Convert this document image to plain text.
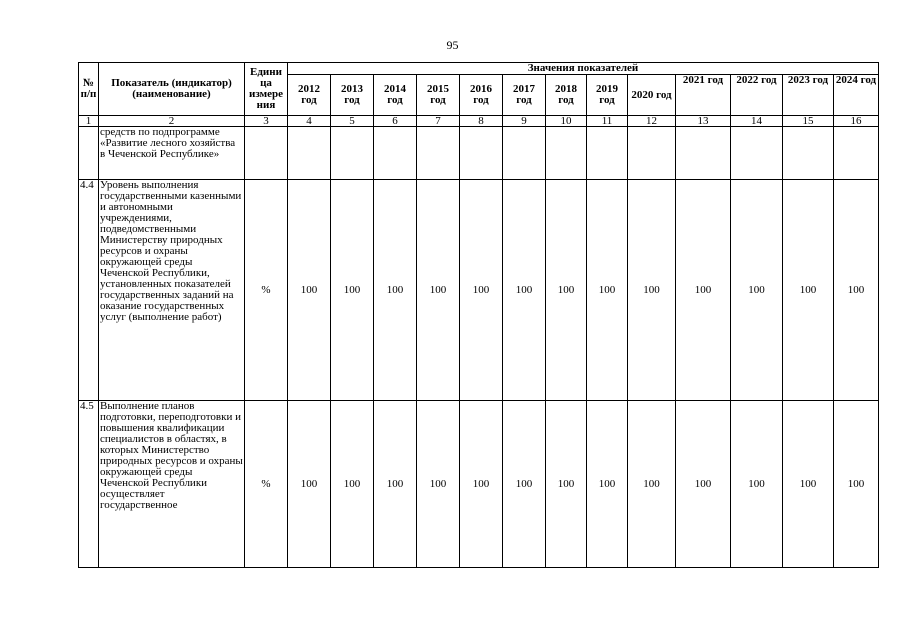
95
№ п/п	Показатель (индикатор) (наименование)	Едини ца измере ния	Значения показателей												
			2012 год	2013 год	2014 год	2015 год	2016 год	2017 год	2018 год	2019 год	2020 год	2021 год	2022 год	2023 год	2024 год
1	2	3	4	5	6	7	8	9	10	11	12	13	14	15	16
	средств по подпрограмме «Развитие лесного хозяйства в Чеченской Республике»														
4.4	Уровень выполнения государственными казенными и автономными учреждениями, подведомственными Министерству природных ресурсов и охраны окружающей среды Чеченской Республики, установленных показателей государственных заданий на оказание государственных услуг (выполнение работ)	%	100	100	100	100	100	100	100	100	100	100	100	100	100
4.5	Выполнение планов подготовки, переподготовки и повышения квалификации специалистов в областях, в которых Министерство природных ресурсов и охраны окружающей среды Чеченской Республики осуществляет государственное	%	100	100	100	100	100	100	100	100	100	100	100	100	100
